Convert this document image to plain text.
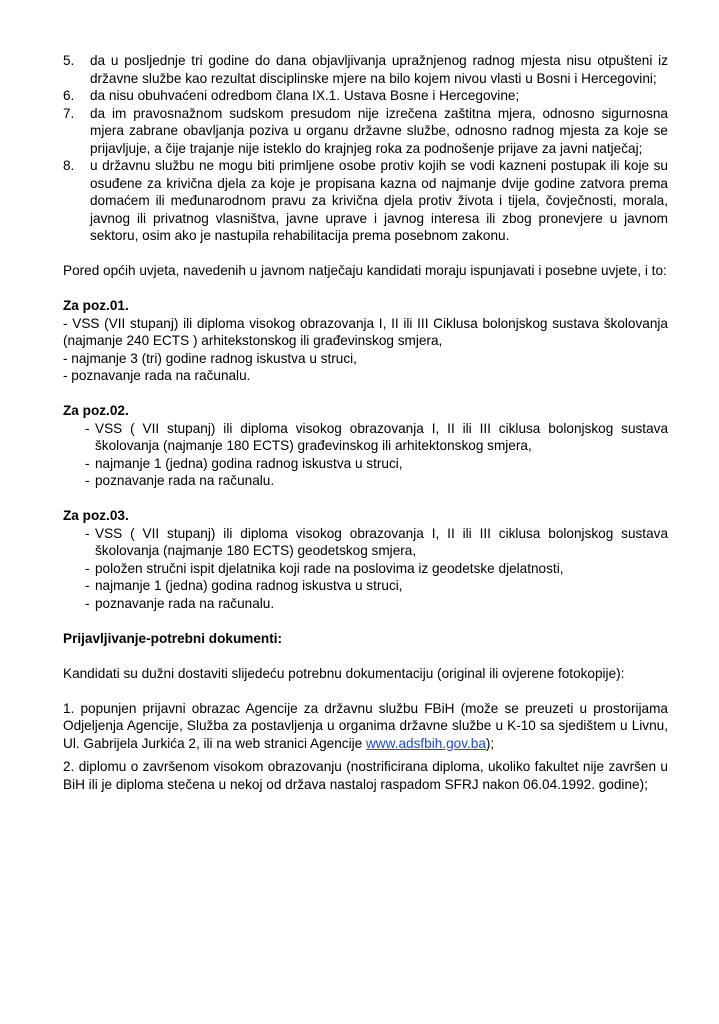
5. da u posljednje tri godine do dana objavljivanja upražnjenog radnog mjesta nisu otpušteni iz državne službe kao rezultat disciplinske mjere na bilo kojem nivou vlasti u Bosni i Hercegovini;
6. da nisu obuhvaćeni odredbom člana IX.1. Ustava Bosne i Hercegovine;
7. da im pravosnažnom sudskom presudom nije izrečena zaštitna mjera, odnosno sigurnosna mjera zabrane obavljanja poziva u organu državne službe, odnosno radnog mjesta za koje se prijavljuje, a čije trajanje nije isteklo do krajnjeg roka za podnošenje prijave za javni natječaj;
8. u državnu službu ne mogu biti primljene osobe protiv kojih se vodi kazneni postupak ili koje su osuđene za krivična djela za koje je propisana kazna od najmanje dvije godine zatvora prema domaćem ili međunarodnom pravu za krivična djela protiv života i tijela, čovječnosti, morala, javnog ili privatnog vlasništva, javne uprave i javnog interesa ili zbog pronevjere u javnom sektoru, osim ako je nastupila rehabilitacija prema posebnom zakonu.

Pored općih uvjeta, navedenih u javnom natječaju kandidati moraju ispunjavati i posebne uvjete, i to:

Za poz.01.

- VSS (VII stupanj) ili diploma visokog obrazovanja I, II ili III Ciklusa bolonjskog sustava školovanja (najmanje 240 ECTS ) arhitekstonskog ili građevinskog smjera,

- najmanje 3 (tri) godine radnog iskustva u struci,

- poznavanje rada na računalu.

Za poz.02.

- VSS ( VII stupanj) ili diploma visokog obrazovanja I, II ili III ciklusa bolonjskog sustava školovanja (najmanje 180 ECTS) građevinskog ili arhitektonskog smjera,
- najmanje 1 (jedna) godina radnog iskustva u struci,
- poznavanje rada na računalu.

Za poz.03.

- VSS ( VII stupanj) ili diploma visokog obrazovanja I, II ili III ciklusa bolonjskog sustava školovanja (najmanje 180 ECTS) geodetskog smjera,
- položen stručni ispit djelatnika koji rade na poslovima iz geodetske djelatnosti,
- najmanje 1 (jedna) godina radnog iskustva u struci,
- poznavanje rada na računalu.

Prijavljivanje-potrebni dokumenti:

Kandidati su dužni dostaviti slijedeću potrebnu dokumentaciju (original ili ovjerene fotokopije):

1. popunjen prijavni obrazac Agencije za državnu službu FBiH (može se preuzeti u prostorijama Odjeljenja Agencije, Služba za postavljenja u organima državne službe u K-10 sa sjedištem u Livnu, Ul. Gabrijela Jurkića 2, ili na web stranici Agencije www.adsfbih.gov.ba);

2. diplomu o završenom visokom obrazovanju (nostrificirana diploma, ukoliko fakultet nije završen u BiH ili je diploma stečena u nekoj od država nastaloj raspadom SFRJ nakon 06.04.1992. godine);
